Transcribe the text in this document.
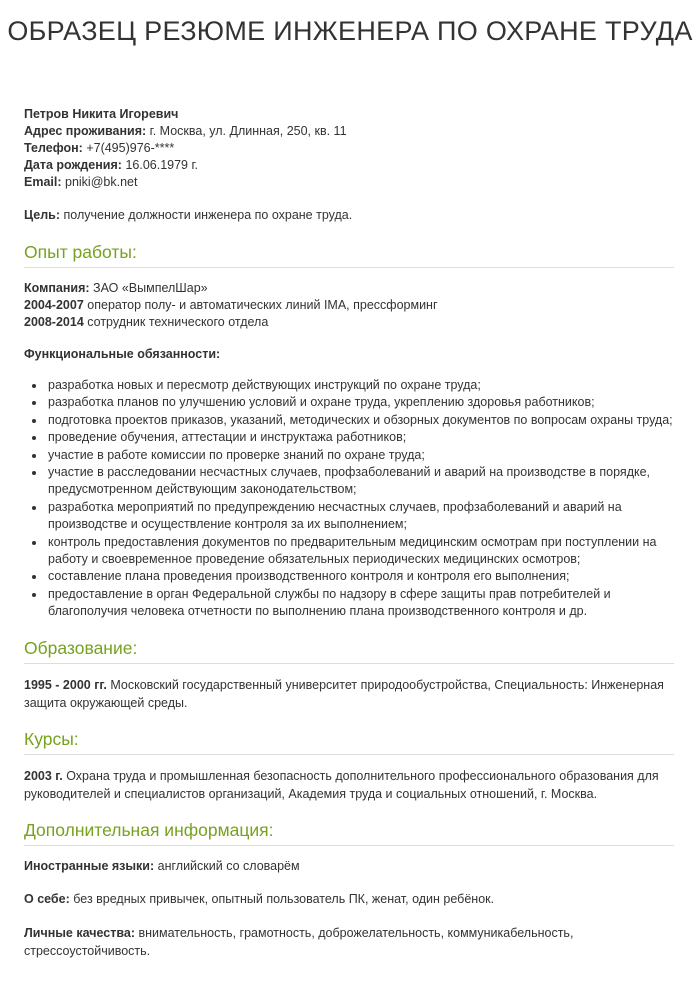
ОБРАЗЕЦ РЕЗЮМЕ ИНЖЕНЕРА ПО ОХРАНЕ ТРУДА

Петров Никита Игоревич

Адрес проживания: г. Москва, ул. Длинная, 250, кв. 11

Телефон: +7(495)976-****

Дата рождения: 16.06.1979 г.

Email: pniki@bk.net

Цель: получение должности инженера по охране труда.

Опыт работы:

Компания: ЗАО «ВымпелШар»

2004-2007 оператор полу- и автоматических линий IMA, прессформинг

2008-2014 сотрудник технического отдела

Функциональные обязанности:

• разработка новых и пересмотр действующих инструкций по охране труда;
• разработка планов по улучшению условий и охране труда, укреплению здоровья работников;
• подготовка проектов приказов, указаний, методических и обзорных документов по вопросам охраны труда;
• проведение обучения, аттестации и инструктажа работников;
• участие в работе комиссии по проверке знаний по охране труда;
• участие в расследовании несчастных случаев, профзаболеваний и аварий на производстве в порядке, предусмотренном действующим законодательством;
• разработка мероприятий по предупреждению несчастных случаев, профзаболеваний и аварий на производстве и осуществление контроля за их выполнением;
• контроль предоставления документов по предварительным медицинским осмотрам при поступлении на работу и своевременное проведение обязательных периодических медицинских осмотров;
• составление плана проведения производственного контроля и контроля его выполнения;
• предоставление в орган Федеральной службы по надзору в сфере защиты прав потребителей и благополучия человека отчетности по выполнению плана производственного контроля и др.
Образование:

1995 - 2000 гг. Московский государственный университет природообустройства, Специальность: Инженерная защита окружающей среды.

Курсы:

2003 г. Охрана труда и промышленная безопасность дополнительного профессионального образования для руководителей и специалистов организаций, Академия труда и социальных отношений, г. Москва.

Дополнительная информация:

Иностранные языки: английский со словарём

О себе: без вредных привычек, опытный пользователь ПК, женат, один ребёнок.

Личные качества: внимательность, грамотность, доброжелательность, коммуникабельность, стрессоустойчивость.
